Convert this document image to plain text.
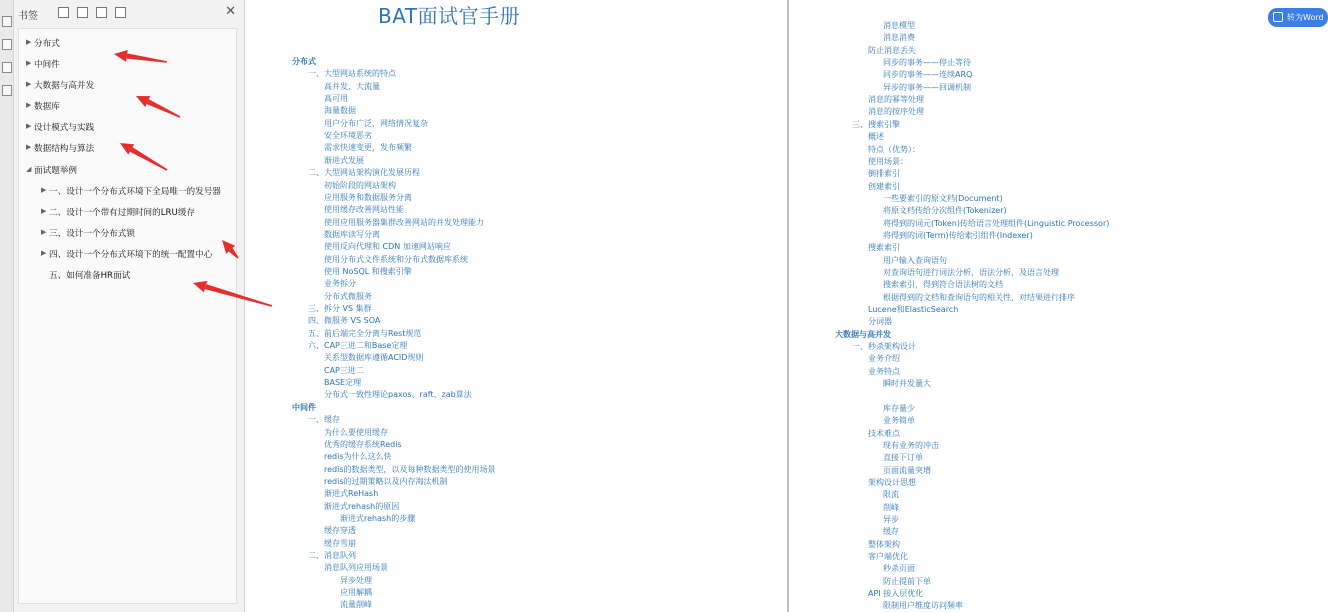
书签	✕
▶ 分布式
▶ 中间件
▶ 大数据与高并发
▶ 数据库
▶ 设计模式与实践
▶ 数据结构与算法
◢ 面试题举例
▶ 一、设计一个分布式环境下全局唯一的发号器
▶ 二、设计一个带有过期时间的LRU缓存
▶ 三、设计一个分布式锁
▶ 四、设计一个分布式环境下的统一配置中心
五、如何准备HR面试
BAT面试官手册
分布式
一、大型网站系统的特点
高并发，大流量
高可用
海量数据
用户分布广泛，网络情况复杂
安全环境恶劣
需求快速变更，发布频繁
渐进式发展
二、大型网站架构演化发展历程
初始阶段的网站架构
应用服务和数据服务分离
使用缓存改善网站性能
使用应用服务器集群改善网站的并发处理能力
数据库读写分离
使用反向代理和 CDN 加速网站响应
使用分布式文件系统和分布式数据库系统
使用 NoSQL 和搜索引擎
业务拆分
分布式微服务
三、拆分 VS 集群
四、微服务 VS SOA
五、前后端完全分离与Rest规范
六、CAP三进二和Base定理
关系型数据库遵循ACID规则
CAP三进二
BASE定理
分布式一致性理论paxos、raft、zab算法
中间件
一、缓存
为什么要使用缓存
优秀的缓存系统Redis
redis为什么这么快
redis的数据类型，以及每种数据类型的使用场景
redis的过期策略以及内存淘汰机制
渐进式ReHash
渐进式rehash的原因
渐进式rehash的步骤
缓存穿透
缓存雪崩
二、消息队列
消息队列应用场景
异步处理
应用解耦
流量削峰
消息模型
消息消费
防止消息丢失
同步的事务——停止等待
同步的事务——连续ARQ
异步的事务——回调机制
消息的幂等处理
消息的按序处理
三、搜索引擎
概述
特点（优势）：
使用场景：
倒排索引
创建索引
一些要索引的原文档(Document)
将原文档传给分次组件(Tokenizer)
将得到的词元(Token)传给语言处理组件(Linguistic Processor)
将得到的词(Term)传给索引组件(Indexer)
搜索索引
用户输入查询语句
对查询语句进行词法分析，语法分析，及语言处理
搜索索引，得到符合语法树的文档
根据得到的文档和查询语句的相关性，对结果进行排序
Lucene和ElasticSearch
分词器
大数据与高并发
一、秒杀架构设计
业务介绍
业务特点
瞬时并发量大
库存量少
业务简单
技术难点
现有业务的冲击
直接下订单
页面流量突增
架构设计思想
限流
削峰
异步
缓存
整体架构
客户端优化
秒杀页面
防止提前下单
API 接入层优化
限制用户维度访问频率
转为Word
